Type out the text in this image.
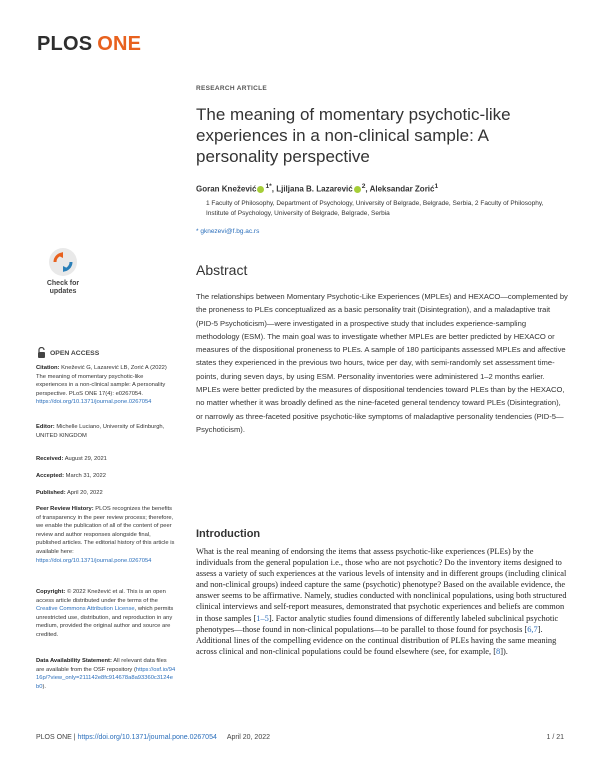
PLOS ONE
RESEARCH ARTICLE
The meaning of momentary psychotic-like experiences in a non-clinical sample: A personality perspective
Goran Knežević $^{1*}$, Ljiljana B. Lazarević $^2$, Aleksandar Zorić$^1$
1 Faculty of Philosophy, Department of Psychology, University of Belgrade, Belgrade, Serbia, 2 Faculty of Philosophy, Institute of Psychology, University of Belgrade, Belgrade, Serbia
* gknezevi@f.bg.ac.rs
Check for
updates
Abstract
The relationships between Momentary Psychotic-Like Experiences (MPLEs) and HEXACO—complemented by the proneness to PLEs conceptualized as a basic personality trait (Disintegration), and a maladaptive trait (PID-5 Psychoticism)—were investigated in a prospective study that includes experience-sampling methodology (ESM). The main goal was to investigate whether MPLEs are better predicted by HEXACO or measures of the dispositional proneness to PLEs. A sample of 180 participants assessed MPLEs and affective states they experienced in the previous two hours, twice per day, with semi-randomly set assessment time-points, during seven days, by using ESM. Personality inventories were administered 1–2 months earlier. MPLEs were better predicted by the measures of dispositional tendencies toward PLEs than by the HEXACO, no matter whether it was broadly defined as the nine-faceted general tendency toward PLEs (Disintegration), or narrowly as three-faceted positive psychotic-like symptoms of maladaptive personality tendencies (PID-5—Psychoticism).
OPEN ACCESS
Citation: Knežević G, Lazarević LB, Zorić A (2022) The meaning of momentary psychotic-like experiences in a non-clinical sample: A personality perspective. PLoS ONE 17(4): e0267054. https://doi.org/10.1371/journal.pone.0267054
Editor: Michelle Luciano, University of Edinburgh, UNITED KINGDOM
Received: August 29, 2021
Accepted: March 31, 2022
Published: April 20, 2022
Peer Review History: PLOS recognizes the benefits of transparency in the peer review process; therefore, we enable the publication of all of the content of peer review and author responses alongside final, published articles. The editorial history of this article is available here: https://doi.org/10.1371/journal.pone.0267054
Copyright: © 2022 Knežević et al. This is an open access article distributed under the terms of the Creative Commons Attribution License, which permits unrestricted use, distribution, and reproduction in any medium, provided the original author and source are credited.
Data Availability Statement: All relevant data files are available from the OSF repository (https://osf.io/9416p/?view_only=211142e8fc914678a8a93360c3124eb0).
Introduction
What is the real meaning of endorsing the items that assess psychotic-like experiences (PLEs) by the individuals from the general population i.e., those who are not psychotic? Do the inventory items designed to assess a variety of such experiences at the various levels of intensity and in different groups (including clinical and non-clinical groups) indeed capture the same (psychotic) phenotype? Based on the available evidence, the answer seems to be affirmative. Namely, studies conducted with nonclinical populations, using both structured clinical interviews and self-report measures, demonstrated that psychotic experiences and beliefs are common in those samples [1–5]. Factor analytic studies found dimensions of differently labeled subclinical psychotic phenotypes—those found in non-clinical populations—to be parallel to those found for psychosis [6,7]. Additional lines of the compelling evidence on the continual distribution of PLEs having the same meaning across clinical and non-clinical populations could be found elsewhere (see, for example, [8]).
PLOS ONE | https://doi.org/10.1371/journal.pone.0267054 April 20, 2022	1 / 21
